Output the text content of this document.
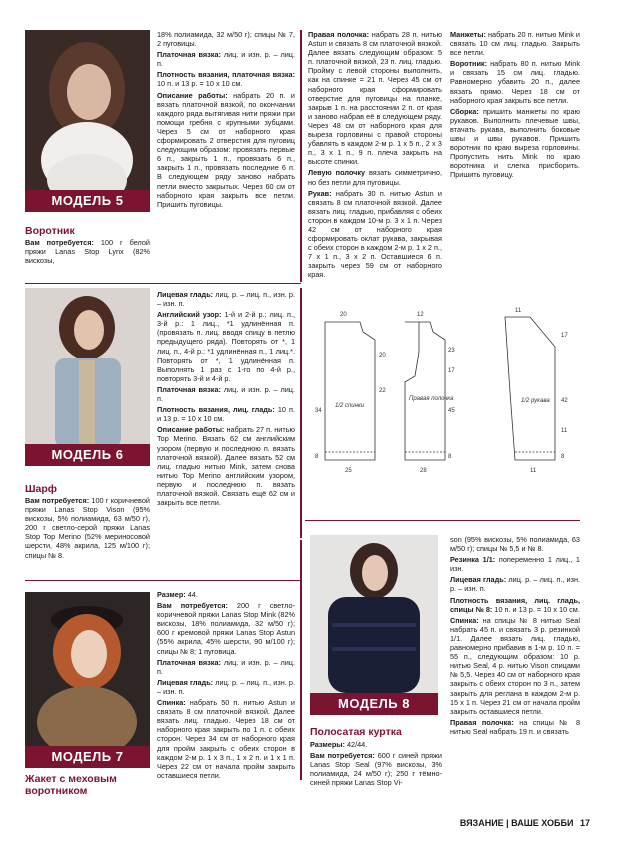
МОДЕЛЬ 5
МОДЕЛЬ 6
МОДЕЛЬ 7
МОДЕЛЬ 8
Воротник

Вам потребуется: 100 г белой пряжи Lanas Stop Lynx (82% вискозы,

18% полиамида, 32 м/50 г); спицы № 7, 2 пуговицы.

Платочная вязка: лиц. и изн. р. – лиц. п.

Плотность вязания, платочная вязка: 10 п. и 13 р. = 10 х 10 см.

Описание работы: набрать 20 п. и вязать платочной вязкой, по окончании каждого ряда вытягивая нити пряжи при помощи гребня с крупными зубцами. Через 5 см от наборного края сформировать 2 отверстия для пуговиц следующим образом: провязать первые 6 п., закрыть 1 п., провязать 6 п., закрыть 1 п., провязать последние 6 п. В следующем ряду заново набрать петли вместо закрытых. Через 60 см от наборного края закрыть все петли. Пришить пуговицы.

Шарф

Вам потребуется: 100 г коричневой пряжи Lanas Stop Vison (95% вискозы, 5% полиамида, 63 м/50 г), 200 г светло-серой пряжи Lanas Stop Top Merino (52% мериносовой шерсти, 48% акрила, 125 м/100 г); спицы № 8.

Лицевая гладь: лиц. р. – лиц. п., изн. р. – изн. п.

Английский узор: 1-й и 2-й р.: лиц. п., 3-й р.: 1 лиц., *1 удлинённая п. (провязать п. лиц. вводя спицу в петлю предыдущего ряда). Повторять от *, 1 лиц. п., 4-й р.: *1 удлинённая п., 1 лиц.*. Повторять от *, 1 удлинённая п. Выполнять 1 раз с 1-го по 4-й р., повторять 3-й и 4-й р.

Платочная вязка: лиц. и изн. р. – лиц. п.

Плотность вязания, лиц. гладь: 10 п. и 13 р. = 10 х 10 см.

Описание работы: набрать 27 п. нитью Top Merino. Вязать 62 см английским узором (первую и последнюю п. вязать платочной вязкой). Далее вязать 52 см лиц. гладью нитью Mink, затем снова нитью Top Merino английским узором, первую и последнюю п. вязать платочной вязкой. Связать ещё 62 см и закрыть все петли.

Жакет с меховым воротником

Размер: 44.

Вам потребуется: 200 г светло-коричневой пряжи Lanas Stop Mink (82% вискозы, 18% полиамида, 32 м/50 г); 600 г кремовой пряжи Lanas Stop Astun (55% акрила, 45% шерсти, 90 м/100 г); спицы № 8; 1 пуговица.

Платочная вязка: лиц. и изн. р. – лиц. п.

Лицевая гладь: лиц. р. – лиц. п., изн. р. – изн. п.

Спинка: набрать 50 п. нитью Astun и связать 8 см платочной вязкой. Далее вязать лиц. гладью. Через 18 см от наборного края закрыть по 1 п. с обеих сторон. Через 34 см от наборного края для пройм закрыть с обеих сторон в каждом 2-м р. 1 х 3 п., 1 х 2 п. и 1 х 1 п. Через 22 см от начала пройм закрыть оставшиеся петли.

Правая полочка: набрать 28 п. нитью Astun и связать 8 см платочной вязкой. Далее вязать следующим образом: 5 п. платочной вязкой, 23 п. лиц. гладью. Пройму с левой стороны выполнить, как на спинке = 21 п. Через 45 см от наборного края сформировать отверстие для пуговицы на планке, закрыв 1 п. на расстоянии 2 п. от края и заново набрав её в следующем ряду. Через 48 см от наборного края для выреза горловины с правой стороны убавлять в каждом 2-м р. 1 х 5 п., 2 х 3 п., 3 х 1 п., 9 п. плеча закрыть на высоте спинки.

Левую полочку вязать симметрично, но без петли для пуговицы.

Рукав: набрать 30 п. нитью Astun и связать 8 см платочной вязкой. Далее вязать лиц. гладью, прибавляя с обеих сторон в каждом 10-м р. 3 х 1 п. Через 42 см от наборного края сформировать оклат рукава, закрывая с обеих сторон в каждом 2-м р. 1 х 2 п., 7 х 1 п., 3 х 2 п. Оставшиеся 6 п. закрыть через 59 см от наборного края.

Манжеты: набрать 20 п. нитью Mink и связать 10 см лиц. гладью. Закрыть все петли.

Воротник: набрать 80 п. нитью Mink и связать 15 см лиц. гладью. Равномерно убавить 20 п., далее вязать прямо. Через 18 см от наборного края закрыть все петли.

Сборка: пришить манжеты по краю рукавов. Выполнить плечевые швы, втачать рукава, выполнить боковые швы и швы рукавов. Пришить воротник по краю выреза горловины. Пропустить нить Mink по краю воротника и слегка присборить. Пришить пуговицу.

1/2 спинки
Правая полочка	1/2 рукава
20	12
11
20
22
34
8
25
23
17
45
8
28
17
42
11
8
11
Полосатая куртка

Размеры: 42/44.

Вам потребуется: 600 г синей пряжи Lanas Stop Seal (97% вискозы, 3% полиамида, 24 м/50 г); 250 г тёмно-синей пряжи Lanas Stop Vi-

son (95% вискозы, 5% полиамида, 63 м/50 г); спицы № 5,5 и № 8.

Резинка 1/1: попеременно 1 лиц., 1 изн.

Лицевая гладь: лиц. р. – лиц. п., изн. р. – изн. п.

Плотность вязания, лиц. гладь, спицы № 8: 10 п. и 13 р. = 10 х 10 см.

Спинка: на спицы № 8 нитью Seal набрать 45 п. и связать 3 р. резинкой 1/1. Далее вязать лиц. гладью, равномерно прибавив в 1-м р. 10 п. = 55 п., следующим образом: 10 р. нитью Seal, 4 р. нитью Vison спицами № 5,5. Через 40 см от наборного края закрыть с обеих сторон по 3 п., затем закрыть для реглана в каждом 2-м р. 15 х 1 п. Через 21 см от начала пройм закрыть оставшиеся петли.

Правая полочка: на спицы № 8 нитью Seal набрать 19 п. и связать

ВЯЗАНИЕ | ВАШЕ ХОББИ 17
